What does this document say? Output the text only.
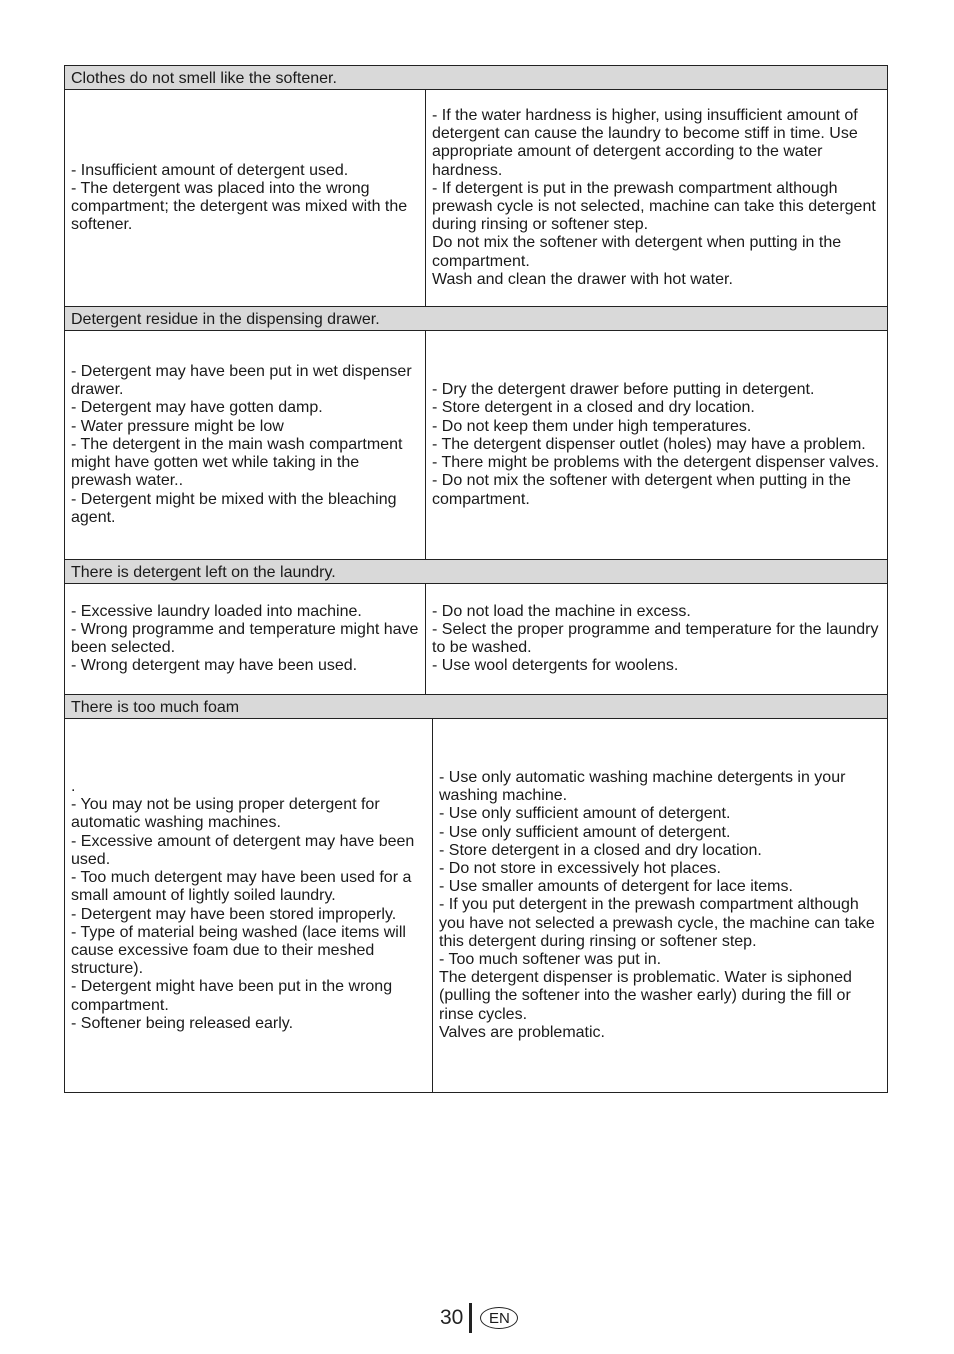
Clothes do not smell like the softener.
- Insufficient amount of detergent used.
- The detergent was placed into the wrong compartment; the detergent was mixed with the softener.
- If the water hardness is higher, using insufficient amount of detergent can cause the laundry to become stiff in time. Use appropriate amount of detergent according to the water hardness.
- If detergent is put in the prewash compartment although prewash cycle is not selected, machine can take this detergent during rinsing or softener step.
Do not mix the softener with detergent when putting in the compartment.
Wash and clean the drawer with hot water.
Detergent residue in the dispensing drawer.
- Detergent may have been put in wet dispenser drawer.
- Detergent may have gotten damp.
- Water pressure might be low
- The detergent in the main wash compartment might have gotten wet while taking in the prewash water..
- Detergent might be mixed with the bleaching agent.
- Dry the detergent drawer before putting in detergent.
- Store detergent in a closed and dry location.
- Do not keep them under high temperatures.
- The detergent dispenser outlet (holes) may have a problem.
- There might be problems with the detergent dispenser valves.
- Do not mix the softener with detergent when putting in the compartment.
There is detergent left on the laundry.
- Excessive laundry loaded into machine.
- Wrong programme and temperature might have been selected.
- Wrong detergent may have been used.
- Do not load the machine in excess.
- Select the proper programme and temperature for the laundry to be washed.
- Use wool detergents for woolens.
There is too much foam
.
- You may not be using proper detergent for automatic washing machines.
- Excessive amount of detergent may have been used.
- Too much detergent may have been used for a small amount of lightly soiled laundry.
- Detergent may have been stored improperly.
- Type of material being washed (lace items will cause excessive foam due to their meshed structure).
- Detergent might have been put in the wrong compartment.
- Softener being released early.
- Use only automatic washing machine detergents in your washing machine.
- Use only sufficient amount of detergent.
- Use only sufficient amount of detergent.
- Store detergent in a closed and dry location.
- Do not store in excessively hot places.
- Use smaller amounts of detergent for lace items.
- If you put detergent in the prewash compartment although you have not selected a prewash cycle, the machine can take this detergent during rinsing or softener step.
- Too much softener was put in.
The detergent dispenser is problematic. Water is siphoned (pulling the softener into the washer early) during the fill or rinse cycles.
Valves are problematic.
30	EN
